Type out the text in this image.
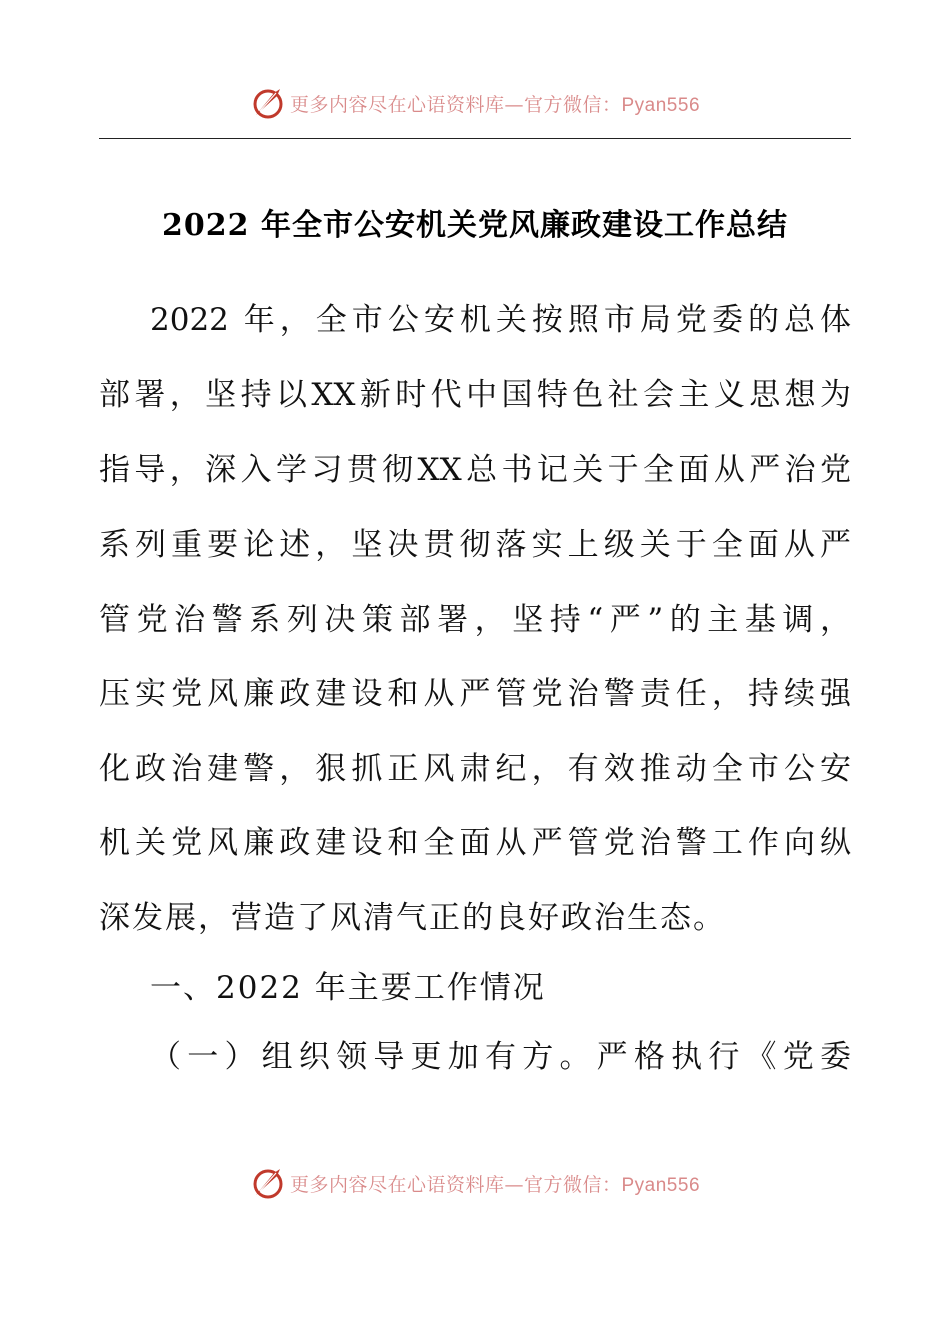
更多内容尽在心语资料库—官方微信：Pyan556
2022 年全市公安机关党风廉政建设工作总结
2022 年，全市公安机关按照市局党委的总体
部署，坚持以XX新时代中国特色社会主义思想为
指导，深入学习贯彻XX总书记关于全面从严治党
系列重要论述，坚决贯彻落实上级关于全面从严
管党治警系列决策部署，坚持“严”的主基调，
压实党风廉政建设和从严管党治警责任，持续强
化政治建警，狠抓正风肃纪，有效推动全市公安
机关党风廉政建设和全面从严管党治警工作向纵
深发展，营造了风清气正的良好政治生态。
一、2022 年主要工作情况
（一）组织领导更加有方。严格执行《党委
更多内容尽在心语资料库—官方微信：Pyan556
